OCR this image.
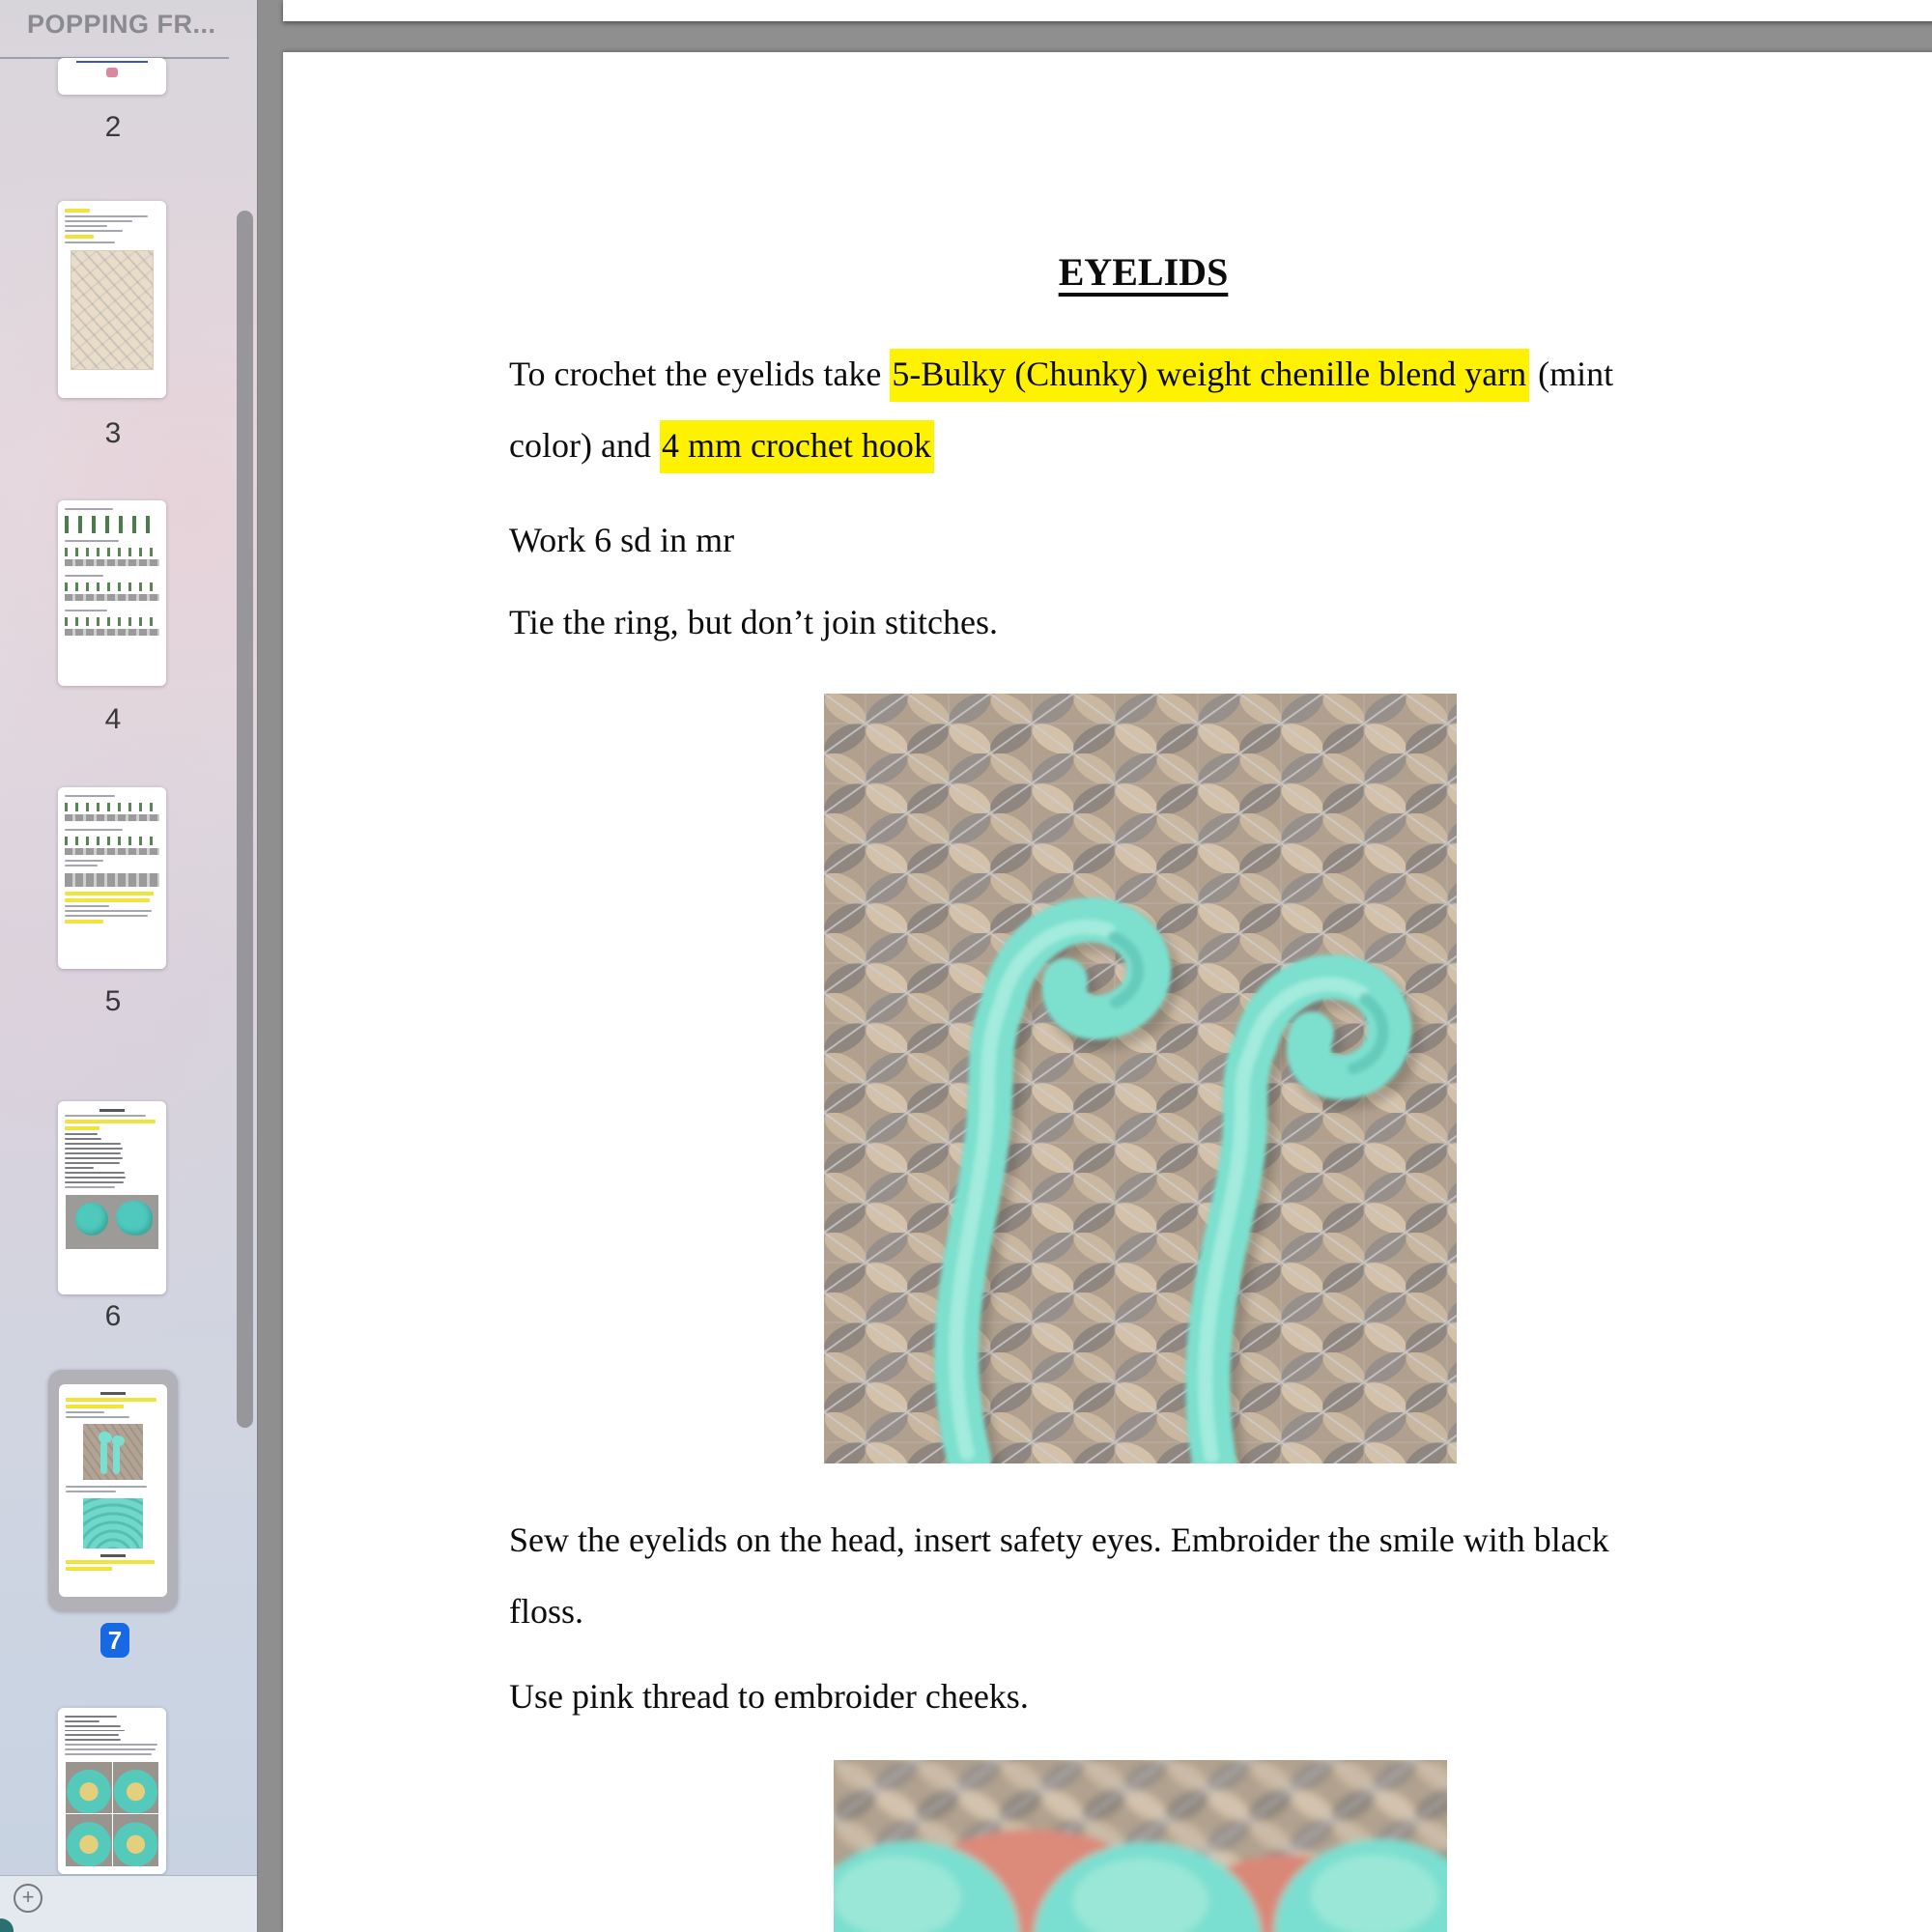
POPPING FR...
2
3
4
5
6
7
+
EYELIDS
To crochet the eyelids take 5-Bulky (Chunky) weight chenille blend yarn (mint
color) and 4 mm crochet hook
Work 6 sd in mr
Tie the ring, but don’t join stitches.
Sew the eyelids on the head, insert safety eyes. Embroider the smile with black
floss.
Use pink thread to embroider cheeks.
